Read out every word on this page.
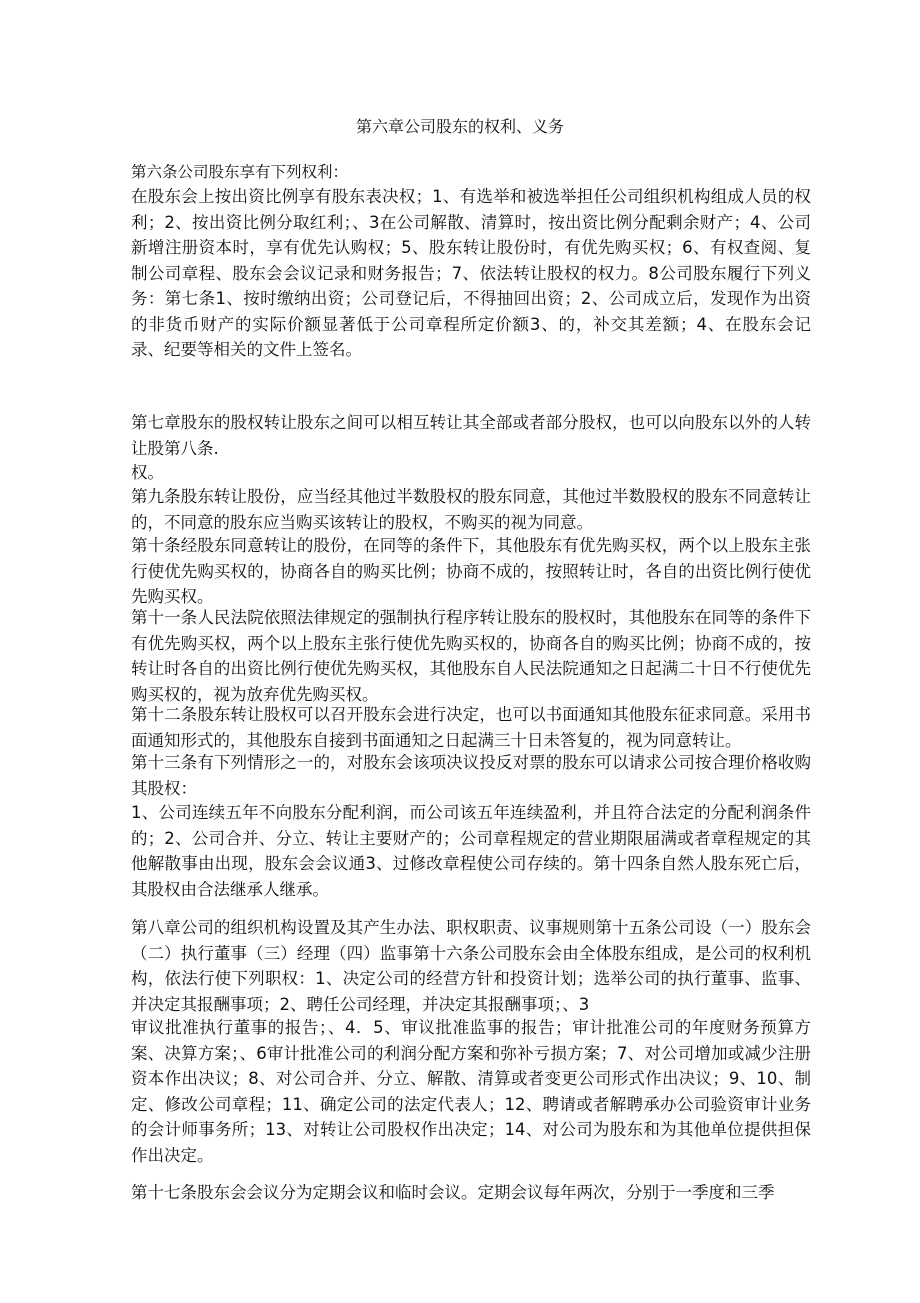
第六章公司股东的权利、义务

第六条公司股东享有下列权利：

在股东会上按出资比例享有股东表决权；1、有选举和被选举担任公司组织机构组成人员的权利；2、按出资比例分取红利；、3在公司解散、清算时，按出资比例分配剩余财产；4、公司新增注册资本时，享有优先认购权；5、股东转让股份时，有优先购买权；6、有权查阅、复制公司章程、股东会会议记录和财务报告；7、依法转让股权的权力。8公司股东履行下列义务：第七条1、按时缴纳出资；公司登记后，不得抽回出资；2、公司成立后，发现作为出资的非货币财产的实际价额显著低于公司章程所定价额3、的，补交其差额；4、在股东会记录、纪要等相关的文件上签名。

第七章股东的股权转让股东之间可以相互转让其全部或者部分股权，也可以向股东以外的人转让股第八条.

权。

第九条股东转让股份，应当经其他过半数股权的股东同意，其他过半数股权的股东不同意转让的，不同意的股东应当购买该转让的股权，不购买的视为同意。

第十条经股东同意转让的股份，在同等的条件下，其他股东有优先购买权，两个以上股东主张行使优先购买权的，协商各自的购买比例；协商不成的，按照转让时，各自的出资比例行使优先购买权。

第十一条人民法院依照法律规定的强制执行程序转让股东的股权时，其他股东在同等的条件下有优先购买权，两个以上股东主张行使优先购买权的，协商各自的购买比例；协商不成的，按转让时各自的出资比例行使优先购买权，其他股东自人民法院通知之日起满二十日不行使优先购买权的，视为放弃优先购买权。

第十二条股东转让股权可以召开股东会进行决定，也可以书面通知其他股东征求同意。采用书面通知形式的，其他股东自接到书面通知之日起满三十日未答复的，视为同意转让。

第十三条有下列情形之一的，对股东会该项决议投反对票的股东可以请求公司按合理价格收购其股权：

1、公司连续五年不向股东分配利润，而公司该五年连续盈利，并且符合法定的分配利润条件的；2、公司合并、分立、转让主要财产的；公司章程规定的营业期限届满或者章程规定的其他解散事由出现，股东会会议通3、过修改章程使公司存续的。第十四条自然人股东死亡后，其股权由合法继承人继承。

第八章公司的组织机构设置及其产生办法、职权职责、议事规则第十五条公司设（一）股东会（二）执行董事（三）经理（四）监事第十六条公司股东会由全体股东组成，是公司的权利机构，依法行使下列职权：1、决定公司的经营方针和投资计划；选举公司的执行董事、监事、并决定其报酬事项；2、聘任公司经理，并决定其报酬事项；、3

审议批准执行董事的报告；、4．5、审议批准监事的报告；审计批准公司的年度财务预算方案、决算方案；、6审计批准公司的利润分配方案和弥补亏损方案；7、对公司增加或减少注册资本作出决议；8、对公司合并、分立、解散、清算或者变更公司形式作出决议；9、10、制定、修改公司章程；11、确定公司的法定代表人；12、聘请或者解聘承办公司验资审计业务的会计师事务所；13、对转让公司股权作出决定；14、对公司为股东和为其他单位提供担保作出决定。

第十七条股东会会议分为定期会议和临时会议。定期会议每年两次，分别于一季度和三季
